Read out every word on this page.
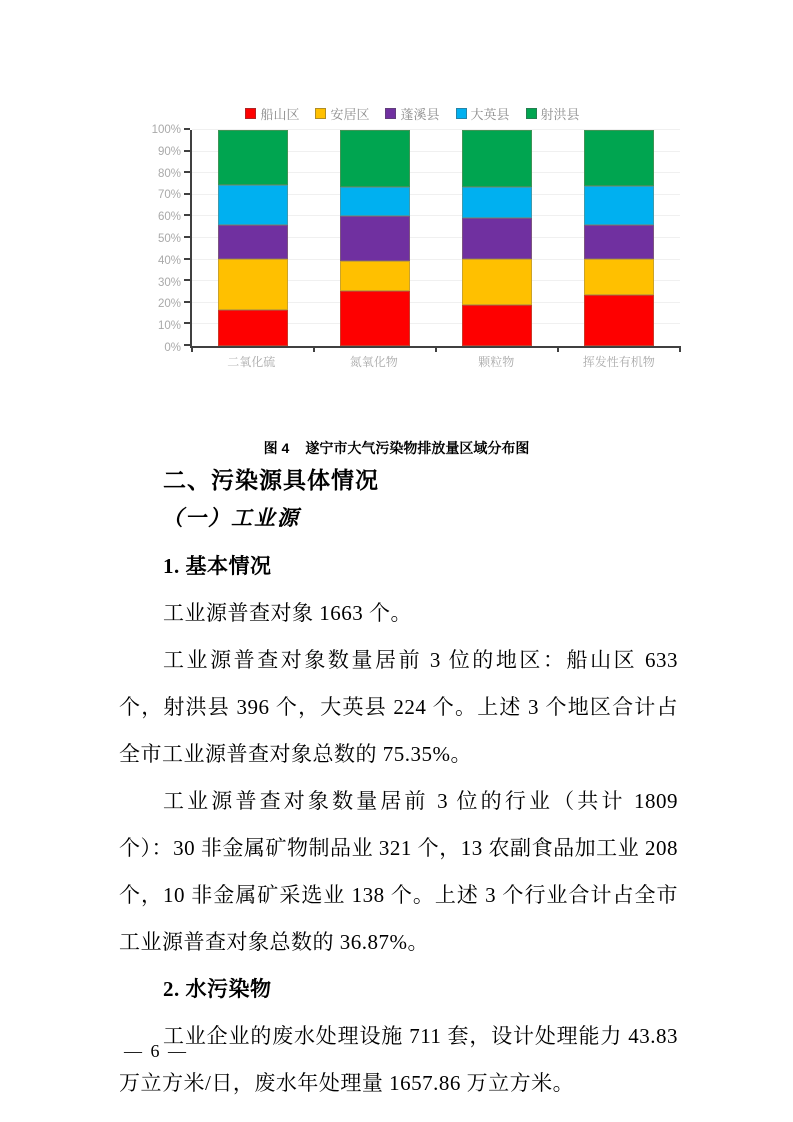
船山区 安居区 蓬溪县 大英县 射洪县
0%
10%
20%
30%
40%
50%
60%
70%
80%
90%
100%
二氧化硫	氮氧化物	颗粒物	挥发性有机物
图 4 遂宁市大气污染物排放量区域分布图
二、污染源具体情况
（一）工业源
1. 基本情况

工业源普查对象 1663 个。

工业源普查对象数量居前 3 位的地区：船山区 633 个，射洪县 396 个，大英县 224 个。上述 3 个地区合计占全市工业源普查对象总数的 75.35%。

工业源普查对象数量居前 3 位的行业（共计 1809 个）：30 非金属矿物制品业 321 个，13 农副食品加工业 208 个，10 非金属矿采选业 138 个。上述 3 个行业合计占全市工业源普查对象总数的 36.87%。

2. 水污染物

工业企业的废水处理设施 711 套，设计处理能力 43.83 万立方米/日，废水年处理量 1657.86 万立方米。

— 6 —
